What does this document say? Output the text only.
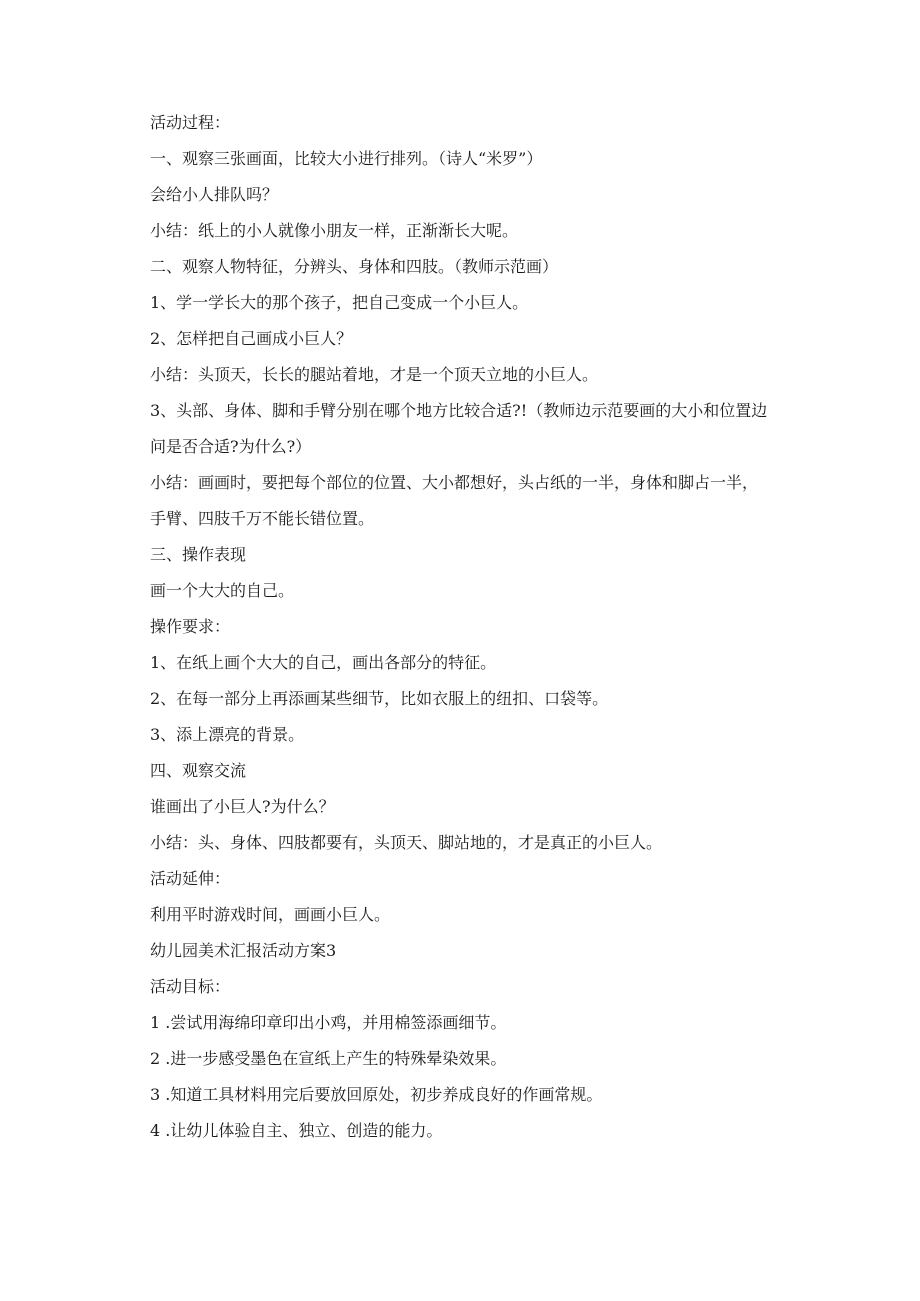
活动过程：

一、观察三张画面，比较大小进行排列。（诗人“米罗”）

会给小人排队吗？

小结：纸上的小人就像小朋友一样，正渐渐长大呢。

二、观察人物特征，分辨头、身体和四肢。（教师示范画）

1、学一学长大的那个孩子，把自己变成一个小巨人。

2、怎样把自己画成小巨人？

小结：头顶天，长长的腿站着地，才是一个顶天立地的小巨人。

3、头部、身体、脚和手臂分别在哪个地方比较合适?!（教师边示范要画的大小和位置边问是否合适?为什么?）

小结：画画时，要把每个部位的位置、大小都想好，头占纸的一半，身体和脚占一半，手臂、四肢千万不能长错位置。

三、操作表现

画一个大大的自己。

操作要求：

1、在纸上画个大大的自己，画出各部分的特征。

2、在每一部分上再添画某些细节，比如衣服上的纽扣、口袋等。

3、添上漂亮的背景。

四、观察交流

谁画出了小巨人?为什么？

小结：头、身体、四肢都要有，头顶天、脚站地的，才是真正的小巨人。

活动延伸：

利用平时游戏时间，画画小巨人。

幼儿园美术汇报活动方案3

活动目标：

1 .尝试用海绵印章印出小鸡，并用棉签添画细节。

2 .进一步感受墨色在宣纸上产生的特殊晕染效果。

3 .知道工具材料用完后要放回原处，初步养成良好的作画常规。

4 .让幼儿体验自主、独立、创造的能力。
